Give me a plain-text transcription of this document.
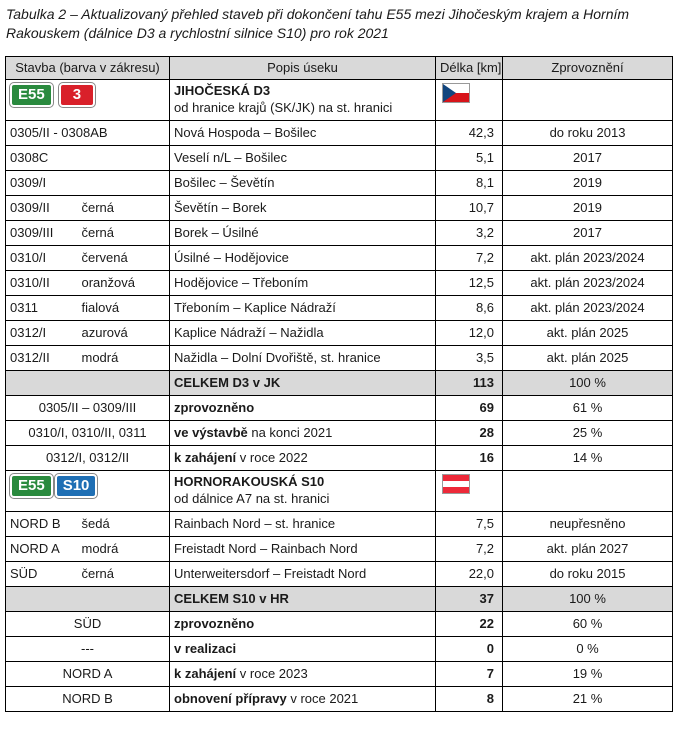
Tabulka 2 – Aktualizovaný přehled staveb při dokončení tahu E55 mezi Jihočeským krajem a Horním Rakouskem (dálnice D3 a rychlostní silnice S10) pro rok 2021
Stavba (barva v zákresu)		Popis úseku	Délka [km]	Zprovoznění
E55 3		JIHOČESKÁ D3
od hranice krajů (SK/JK) na st. hranici

0305/II - 0308AB		Nová Hospoda – Bošilec	42,3	do roku 2013
0308C		Veselí n/L – Bošilec	5,1	2017
0309/I		Bošilec – Ševětín	8,1	2019
0309/II	černá	Ševětín – Borek	10,7	2019
0309/III	černá	Borek – Úsilné	3,2	2017
0310/I	červená	Úsilné – Hodějovice	7,2	akt. plán 2023/2024
0310/II	oranžová	Hodějovice – Třeboním	12,5	akt. plán 2023/2024
0311	fialová	Třeboním – Kaplice Nádraží	8,6	akt. plán 2023/2024
0312/I	azurová	Kaplice Nádraží – Nažidla	12,0	akt. plán 2025
0312/II	modrá	Nažidla – Dolní Dvořiště, st. hranice	3,5	akt. plán 2025
		CELKEM D3 v JK	113	100 %
0305/II – 0309/III		zprovozněno	69	61 %
0310/I, 0310/II, 0311		ve výstavbě na konci 2021	28	25 %
0312/I, 0312/II		k zahájení v roce 2022	16	14 %
E55 S10		HORNORAKOUSKÁ S10
od dálnice A7 na st. hranici

NORD B	šedá	Rainbach Nord – st. hranice	7,5	neupřesněno
NORD A	modrá	Freistadt Nord – Rainbach Nord	7,2	akt. plán 2027
SÜD	černá	Unterweitersdorf – Freistadt Nord	22,0	do roku 2015
		CELKEM S10 v HR	37	100 %
SÜD		zprovozněno	22	60 %
---		v realizaci	0	0 %
NORD A		k zahájení v roce 2023	7	19 %
NORD B		obnovení přípravy v roce 2021	8	21 %
